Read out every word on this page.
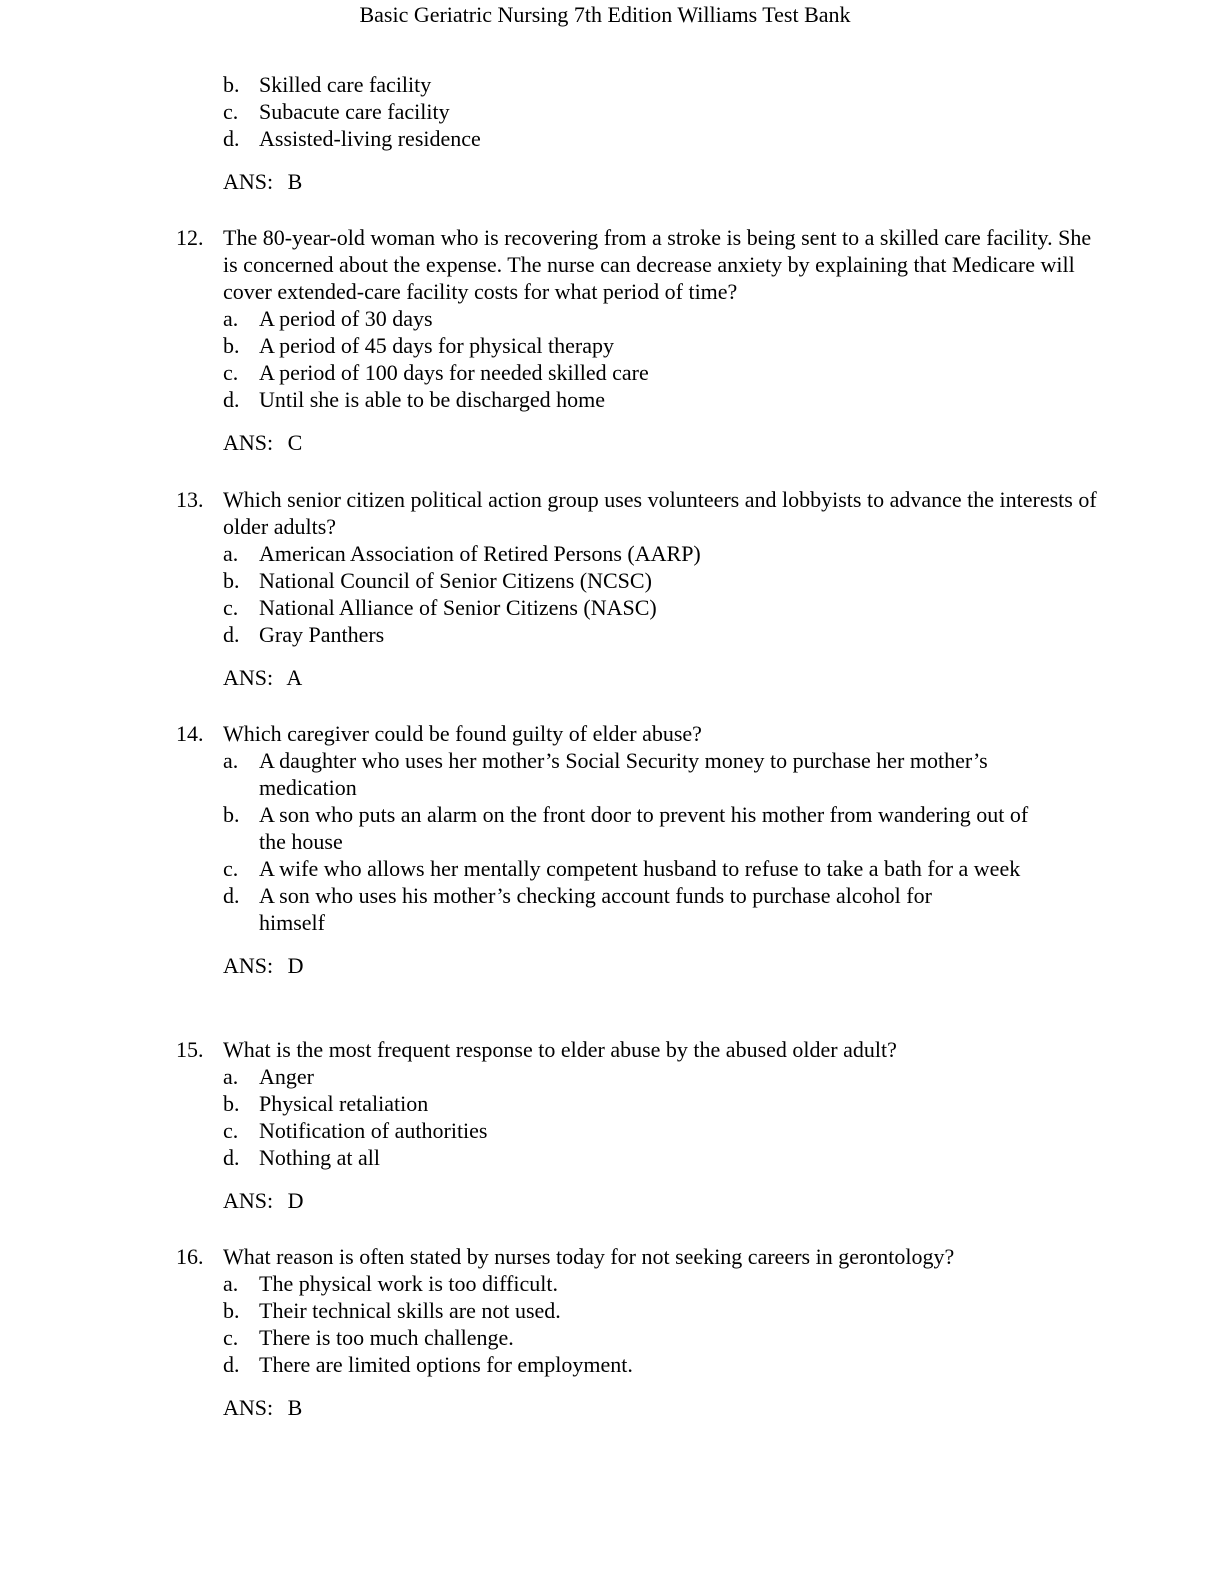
Basic Geriatric Nursing 7th Edition Williams Test Bank
b. Skilled care facility
c. Subacute care facility
d. Assisted-living residence
ANS: B
12. The 80-year-old woman who is recovering from a stroke is being sent to a skilled care facility. She is concerned about the expense. The nurse can decrease anxiety by explaining that Medicare will cover extended-care facility costs for what period of time?
a. A period of 30 days
b. A period of 45 days for physical therapy
c. A period of 100 days for needed skilled care
d. Until she is able to be discharged home
ANS: C
13. Which senior citizen political action group uses volunteers and lobbyists to advance the interests of older adults?
a. American Association of Retired Persons (AARP)
b. National Council of Senior Citizens (NCSC)
c. National Alliance of Senior Citizens (NASC)
d. Gray Panthers
ANS: A
14. Which caregiver could be found guilty of elder abuse?
a. A daughter who uses her mother’s Social Security money to purchase her mother’s medication
b. A son who puts an alarm on the front door to prevent his mother from wandering out of the house
c. A wife who allows her mentally competent husband to refuse to take a bath for a week
d. A son who uses his mother’s checking account funds to purchase alcohol for himself
ANS: D
15. What is the most frequent response to elder abuse by the abused older adult?
a. Anger
b. Physical retaliation
c. Notification of authorities
d. Nothing at all
ANS: D
16. What reason is often stated by nurses today for not seeking careers in gerontology?
a. The physical work is too difficult.
b. Their technical skills are not used.
c. There is too much challenge.
d. There are limited options for employment.
ANS: B
